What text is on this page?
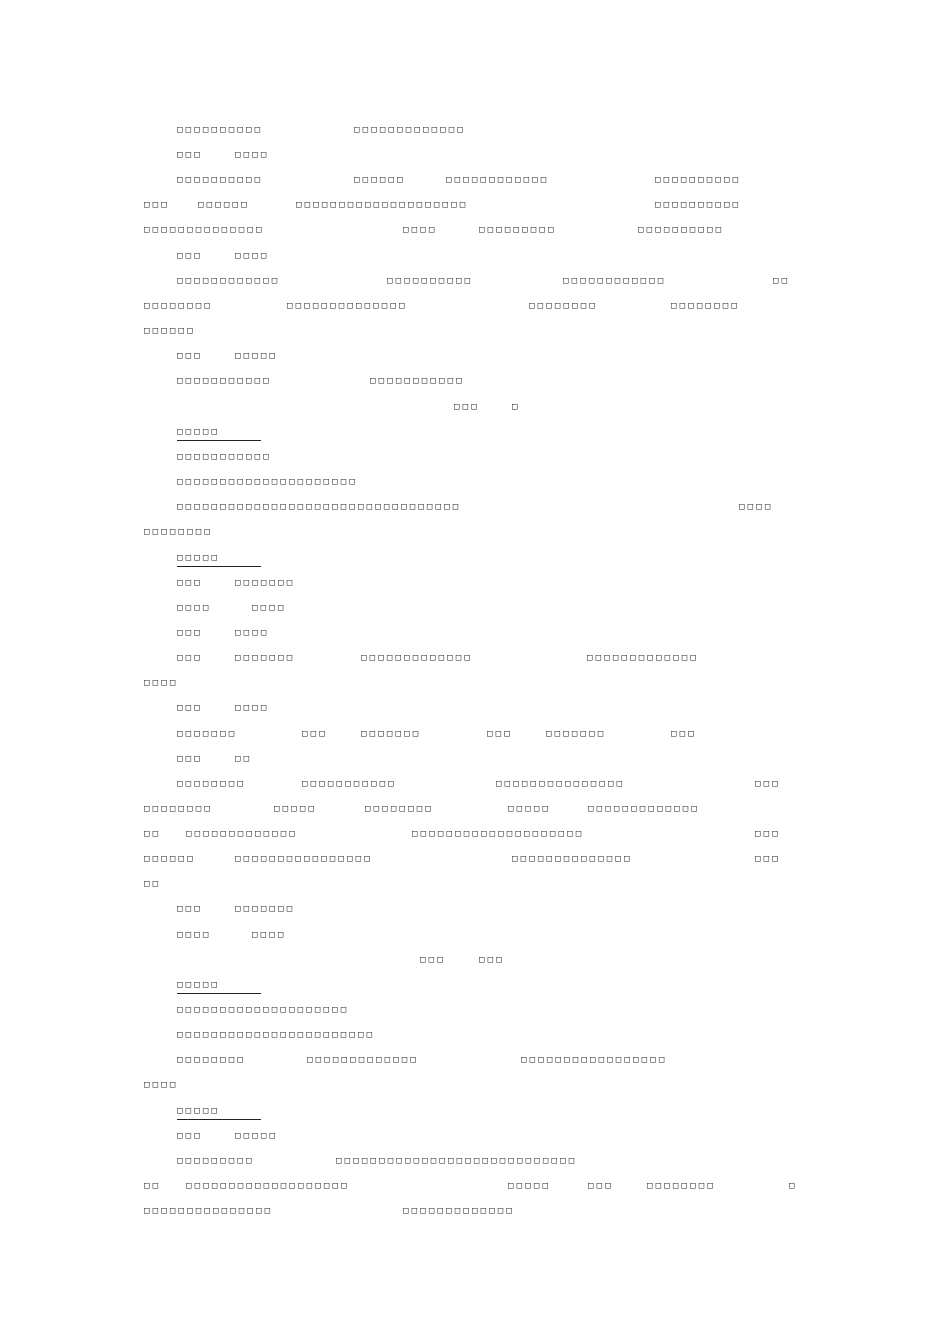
□□□□□□□□□□	□□□□□□□□□□□□□
□□□	□□□□
□□□□□□□□□□	□□□□□□	□□□□□□□□□□□□	□□□□□□□□□□
□□□	□□□□□□	□□□□□□□□□□□□□□□□□□□□	□□□□□□□□□□
□□□□□□□□□□□□□□	□□□□	□□□□□□□□□	□□□□□□□□□□
□□□	□□□□
□□□□□□□□□□□□	□□□□□□□□□□	□□□□□□□□□□□□	□□
□□□□□□□□	□□□□□□□□□□□□□□	□□□□□□□□	□□□□□□□□
□□□□□□
□□□	□□□□□
□□□□□□□□□□□	□□□□□□□□□□□
□□□	□
□□□□□
□□□□□□□□□□□
□□□□□□□□□□□□□□□□□□□□□
□□□□□□□□□□□□□□□□□□□□□□□□□□□□□□□□□	□□□□
□□□□□□□□
□□□□□
□□□	□□□□□□□
□□□□	□□□□
□□□	□□□□
□□□	□□□□□□□	□□□□□□□□□□□□□	□□□□□□□□□□□□□
□□□□
□□□	□□□□
□□□□□□□	□□□	□□□□□□□	□□□	□□□□□□□	□□□
□□□	□□
□□□□□□□□	□□□□□□□□□□□	□□□□□□□□□□□□□□□	□□□
□□□□□□□□	□□□□□	□□□□□□□□	□□□□□	□□□□□□□□□□□□□
□□	□□□□□□□□□□□□□	□□□□□□□□□□□□□□□□□□□□	□□□
□□□□□□	□□□□□□□□□□□□□□□□	□□□□□□□□□□□□□□	□□□
□□
□□□	□□□□□□□
□□□□	□□□□
□□□	□□□
□□□□□
□□□□□□□□□□□□□□□□□□□□
□□□□□□□□□□□□□□□□□□□□□□□
□□□□□□□□	□□□□□□□□□□□□□	□□□□□□□□□□□□□□□□□
□□□□
□□□□□
□□□	□□□□□
□□□□□□□□□	□□□□□□□□□□□□□□□□□□□□□□□□□□□□
□□	□□□□□□□□□□□□□□□□□□□	□□□□□	□□□	□□□□□□□□	□
□□□□□□□□□□□□□□□	□□□□□□□□□□□□□
